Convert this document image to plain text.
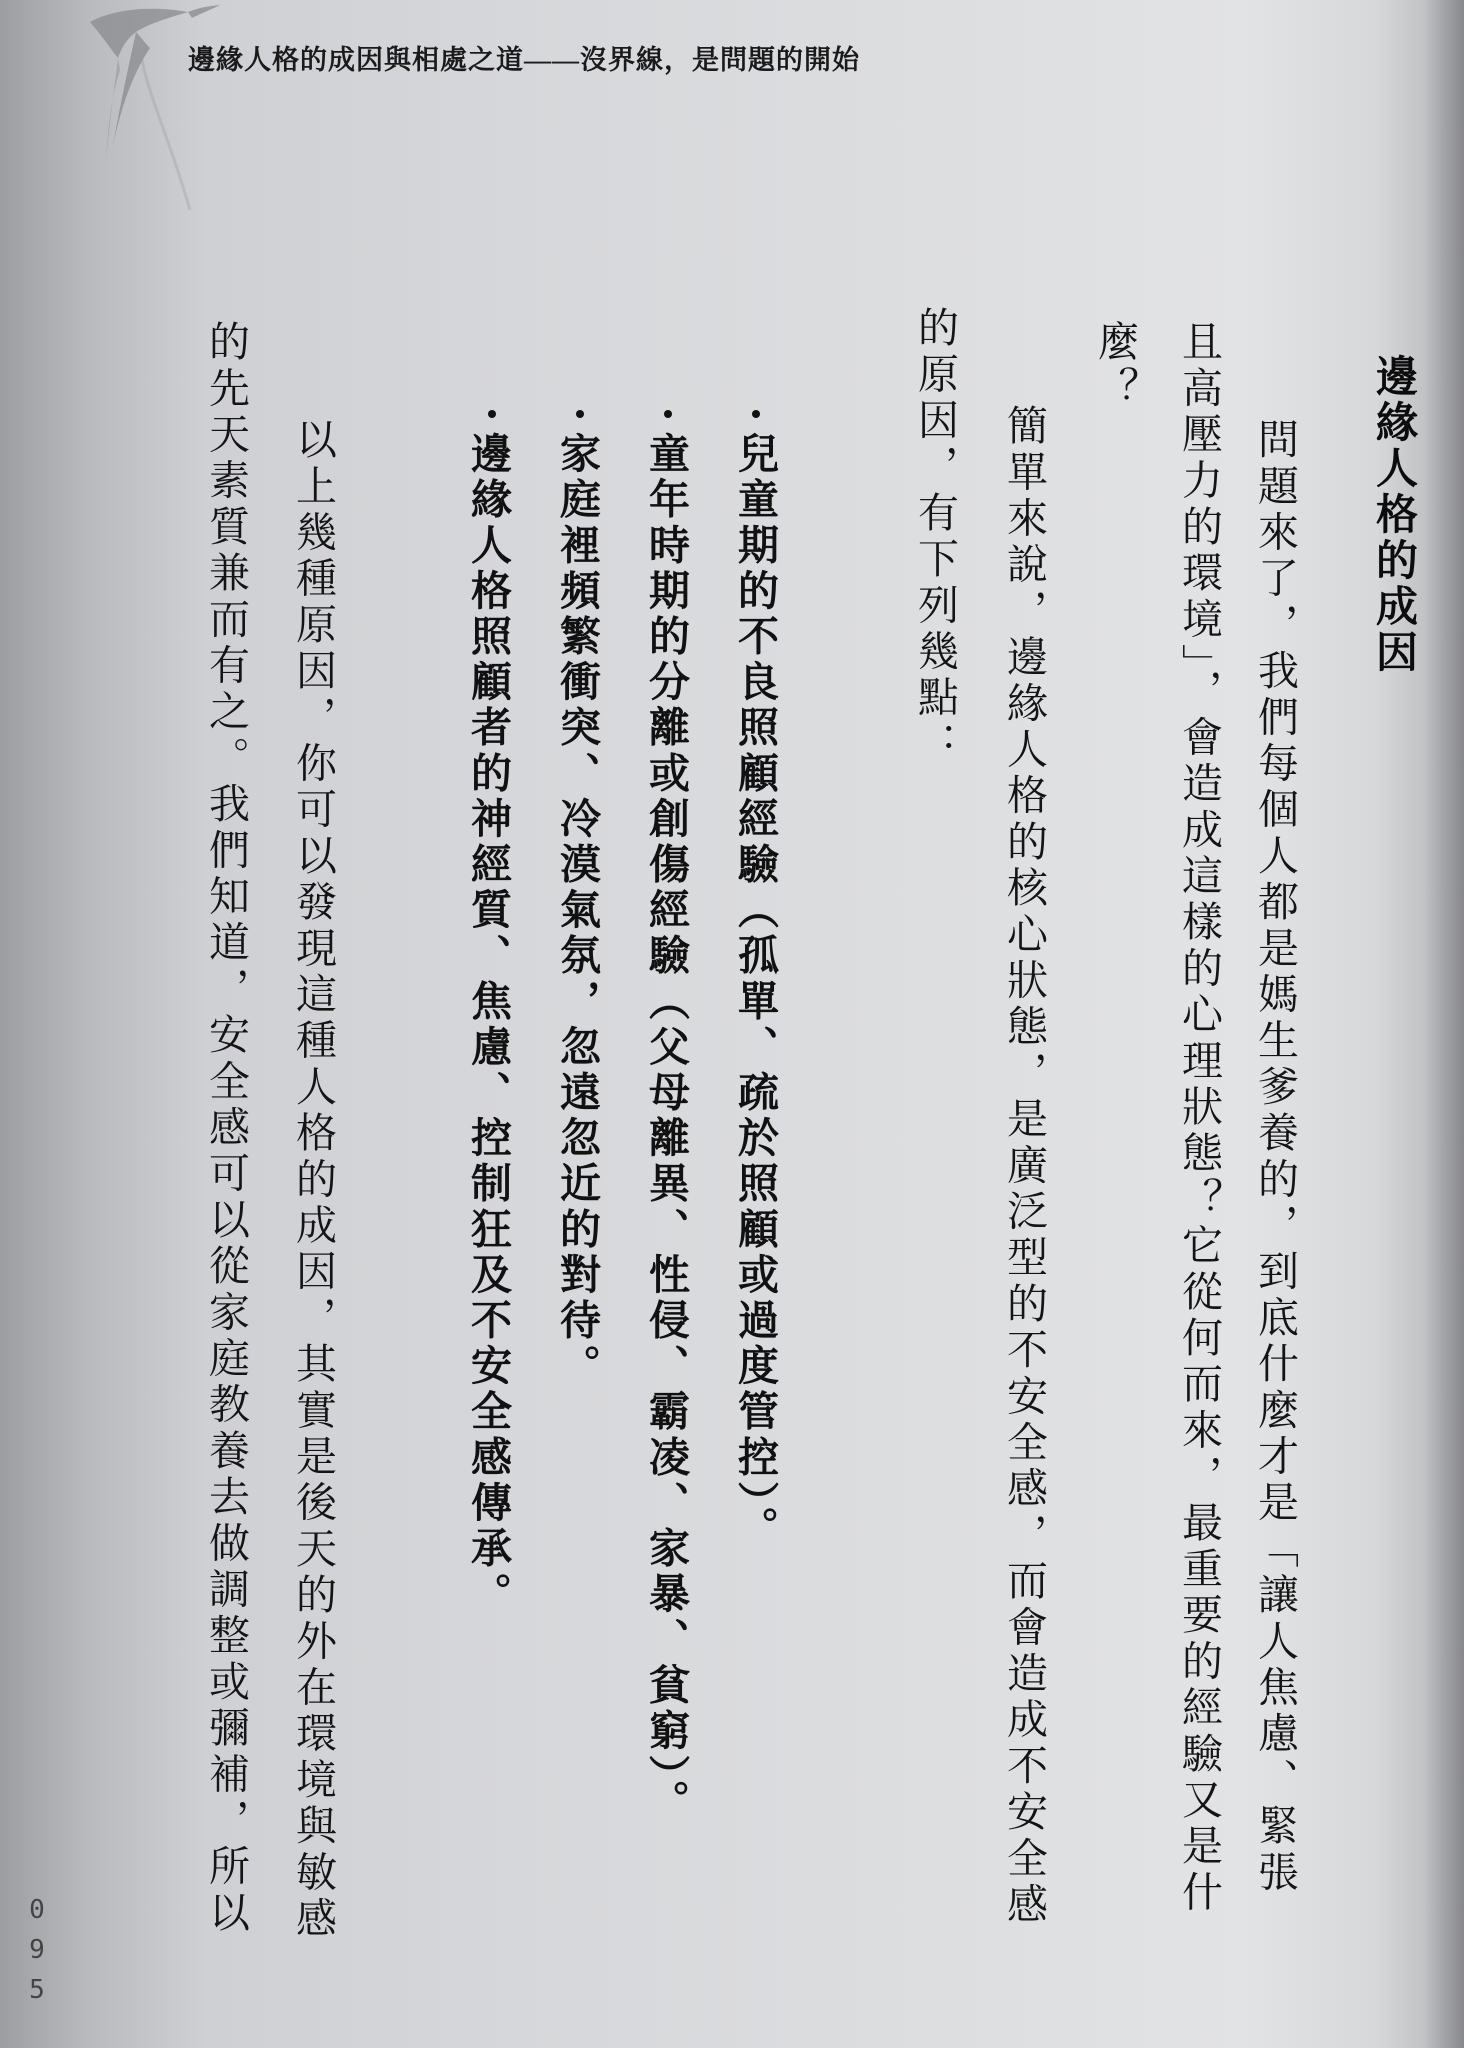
邊緣人格的成因與相處之道——沒界線，是問題的開始
邊緣人格的成因
問題來了，我們每個人都是媽生爹養的，到底什麼才是「讓人焦慮、緊張
且高壓力的環境」，會造成這樣的心理狀態？它從何而來，最重要的經驗又是什
麼？
簡單來說，邊緣人格的核心狀態，是廣泛型的不安全感，而會造成不安全感
的原因，有下列幾點：
兒童期的不良照顧經驗（孤單、疏於照顧或過度管控）。
童年時期的分離或創傷經驗（父母離異、性侵、霸凌、家暴、貧窮）。
家庭裡頻繁衝突、冷漠氣氛，忽遠忽近的對待。
邊緣人格照顧者的神經質、焦慮、控制狂及不安全感傳承。
以上幾種原因，你可以發現這種人格的成因，其實是後天的外在環境與敏感
的先天素質兼而有之。我們知道，安全感可以從家庭教養去做調整或彌補，所以
095
